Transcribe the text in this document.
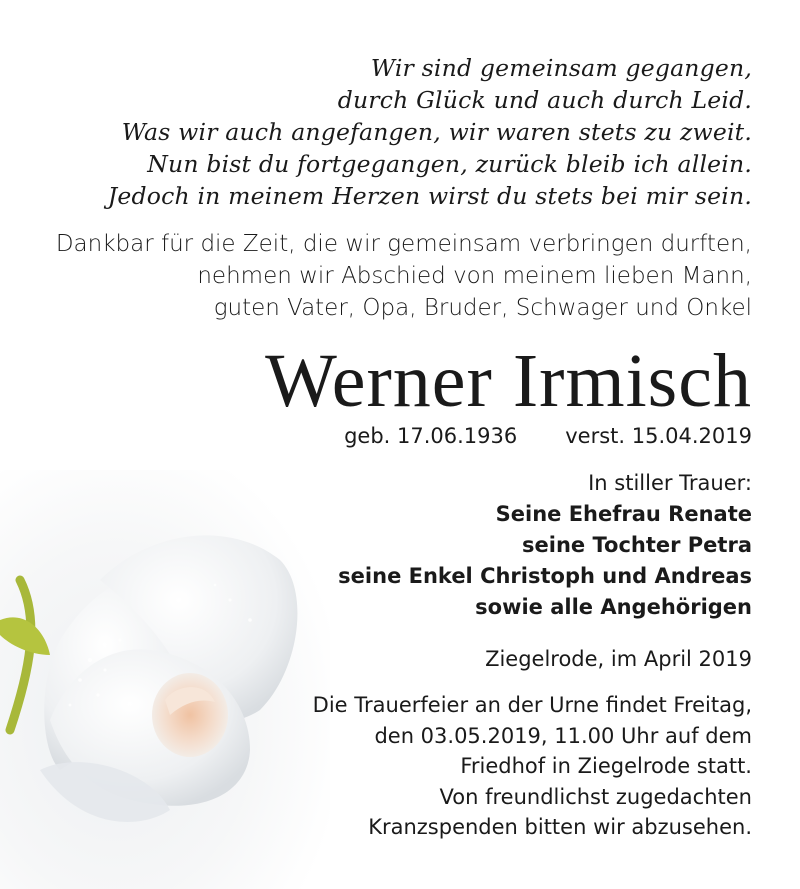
Wir sind gemeinsam gegangen,
durch Glück und auch durch Leid.
Was wir auch angefangen, wir waren stets zu zweit.
Nun bist du fortgegangen, zurück bleib ich allein.
Jedoch in meinem Herzen wirst du stets bei mir sein.
Dankbar für die Zeit, die wir gemeinsam verbringen durften,
nehmen wir Abschied von meinem lieben Mann,
guten Vater, Opa, Bruder, Schwager und Onkel
Werner Irmisch
geb. 17.06.1936 verst. 15.04.2019
In stiller Trauer:
Seine Ehefrau Renate
seine Tochter Petra
seine Enkel Christoph und Andreas
sowie alle Angehörigen
Ziegelrode, im April 2019
Die Trauerfeier an der Urne findet Freitag,
den 03.05.2019, 11.00 Uhr auf dem
Friedhof in Ziegelrode statt.
Von freundlichst zugedachten
Kranzspenden bitten wir abzusehen.
